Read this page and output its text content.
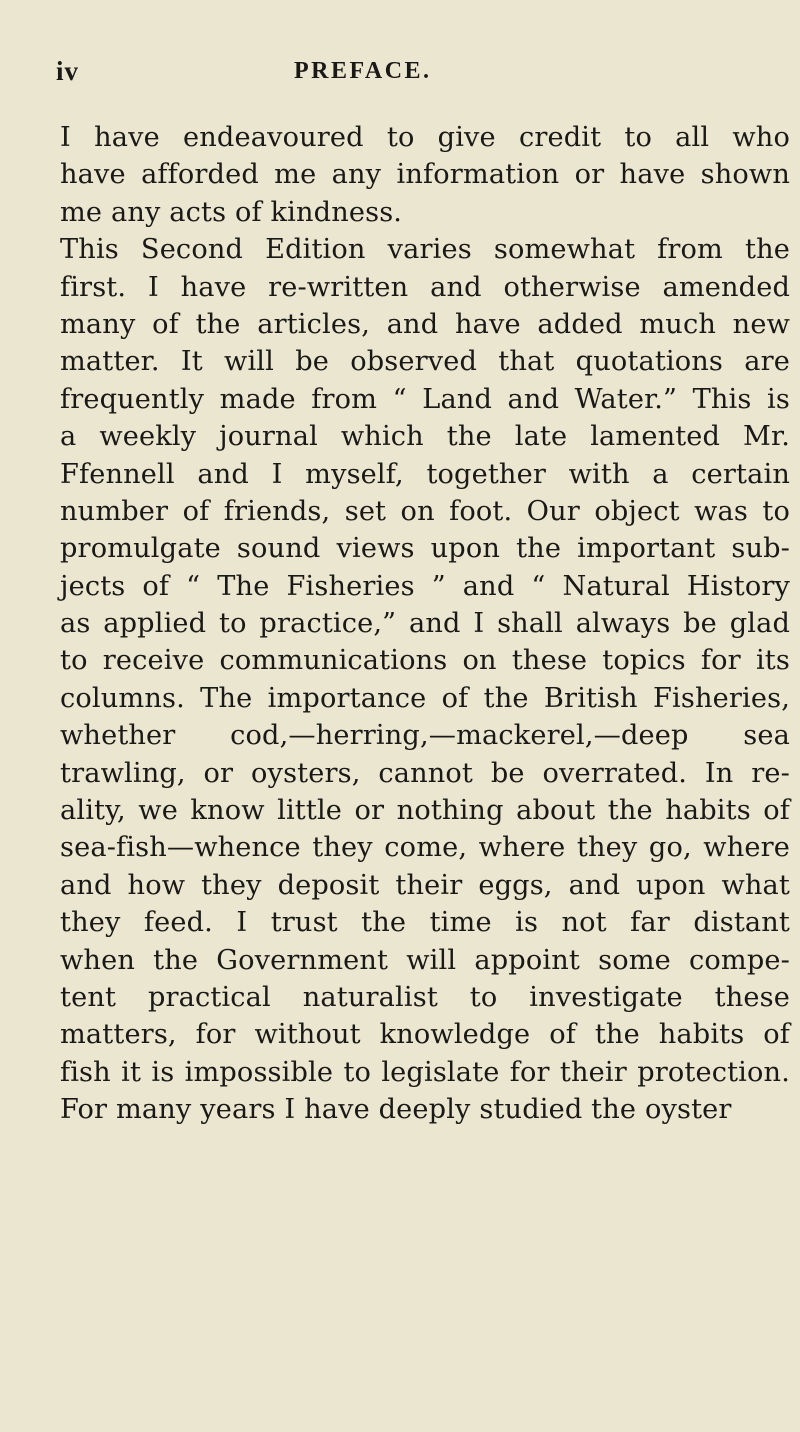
iv	PREFACE.
I have endeavoured to give credit to all who
have afforded me any information or have shown
me any acts of kindness.
This Second Edition varies somewhat from the
first. I have re-written and otherwise amended
many of the articles, and have added much new
matter. It will be observed that quotations are
frequently made from “ Land and Water.” This is
a weekly journal which the late lamented Mr.
Ffennell and I myself, together with a certain
number of friends, set on foot. Our object was to
promulgate sound views upon the important sub-
jects of “ The Fisheries ” and “ Natural History
as applied to practice,” and I shall always be glad
to receive communications on these topics for its
columns. The importance of the British Fisheries,
whether cod,—herring,—mackerel,—deep sea
trawling, or oysters, cannot be overrated. In re-
ality, we know little or nothing about the habits of
sea-fish—whence they come, where they go, where
and how they deposit their eggs, and upon what
they feed. I trust the time is not far distant
when the Government will appoint some compe-
tent practical naturalist to investigate these
matters, for without knowledge of the habits of
fish it is impossible to legislate for their protection.
For many years I have deeply studied the oyster
